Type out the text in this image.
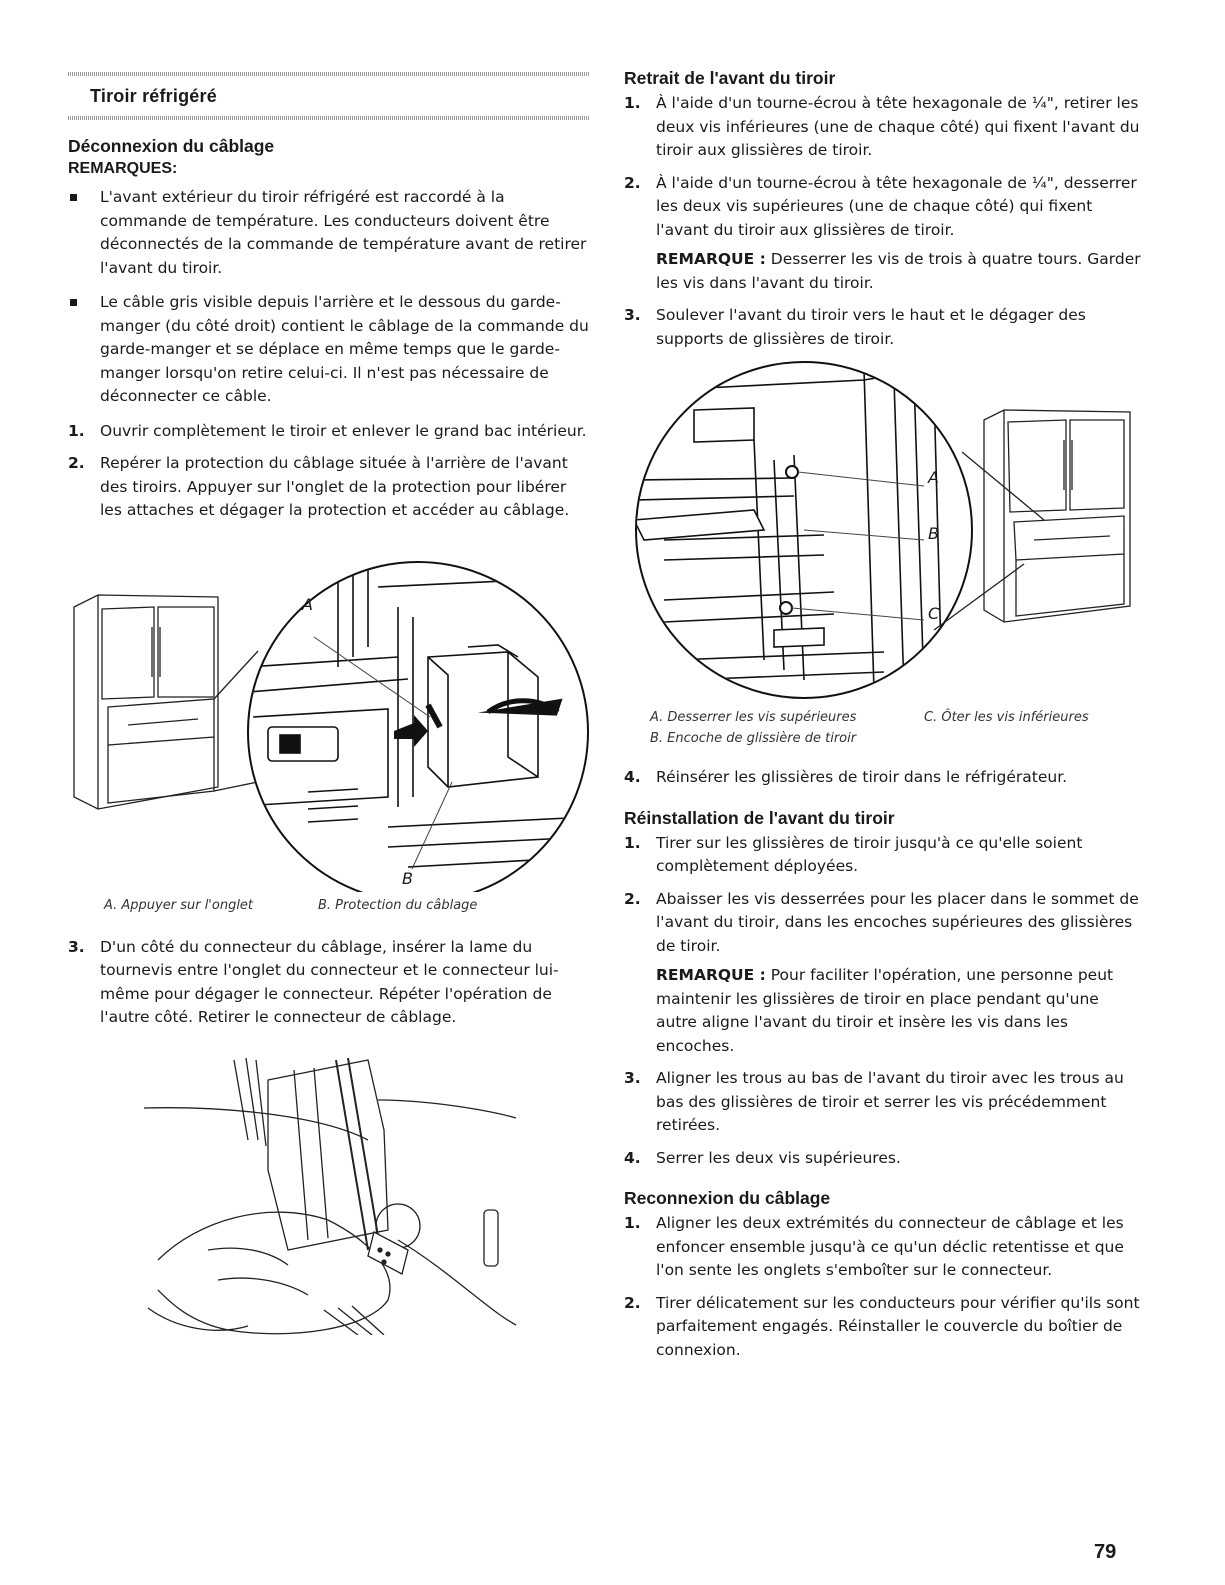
Tiroir réfrigéré
Déconnexion du câblage
REMARQUES:
L'avant extérieur du tiroir réfrigéré est raccordé à la commande de température. Les conducteurs doivent être déconnectés de la commande de température avant de retirer l'avant du tiroir.
Le câble gris visible depuis l'arrière et le dessous du garde-manger (du côté droit) contient le câblage de la commande du garde-manger et se déplace en même temps que le garde-manger lorsqu'on retire celui-ci. Il n'est pas nécessaire de déconnecter ce câble.
1. Ouvrir complètement le tiroir et enlever le grand bac intérieur.
2. Repérer la protection du câblage située à l'arrière de l'avant des tiroirs. Appuyer sur l'onglet de la protection pour libérer les attaches et dégager la protection et accéder au câblage.
A
B
A. Appuyer sur l'onglet	B. Protection du câblage
3. D'un côté du connecteur du câblage, insérer la lame du tournevis entre l'onglet du connecteur et le connecteur lui-même pour dégager le connecteur. Répéter l'opération de l'autre côté. Retirer le connecteur de câblage.
Retrait de l'avant du tiroir
1. À l'aide d'un tourne-écrou à tête hexagonale de ¼", retirer les deux vis inférieures (une de chaque côté) qui fixent l'avant du tiroir aux glissières de tiroir.
2. À l'aide d'un tourne-écrou à tête hexagonale de ¼", desserrer les deux vis supérieures (une de chaque côté) qui fixent l'avant du tiroir aux glissières de tiroir.

REMARQUE : Desserrer les vis de trois à quatre tours. Garder les vis dans l'avant du tiroir.

3. Soulever l'avant du tiroir vers le haut et le dégager des supports de glissières de tiroir.
A
B
C
A. Desserrer les vis supérieures
B. Encoche de glissière de tiroir
C. Ôter les vis inférieures
4. Réinsérer les glissières de tiroir dans le réfrigérateur.
Réinstallation de l'avant du tiroir
1. Tirer sur les glissières de tiroir jusqu'à ce qu'elle soient complètement déployées.
2. Abaisser les vis desserrées pour les placer dans le sommet de l'avant du tiroir, dans les encoches supérieures des glissières de tiroir.

REMARQUE : Pour faciliter l'opération, une personne peut maintenir les glissières de tiroir en place pendant qu'une autre aligne l'avant du tiroir et insère les vis dans les encoches.

3. Aligner les trous au bas de l'avant du tiroir avec les trous au bas des glissières de tiroir et serrer les vis précédemment retirées.
4. Serrer les deux vis supérieures.
Reconnexion du câblage
1. Aligner les deux extrémités du connecteur de câblage et les enfoncer ensemble jusqu'à ce qu'un déclic retentisse et que l'on sente les onglets s'emboîter sur le connecteur.
2. Tirer délicatement sur les conducteurs pour vérifier qu'ils sont parfaitement engagés. Réinstaller le couvercle du boîtier de connexion.
79
